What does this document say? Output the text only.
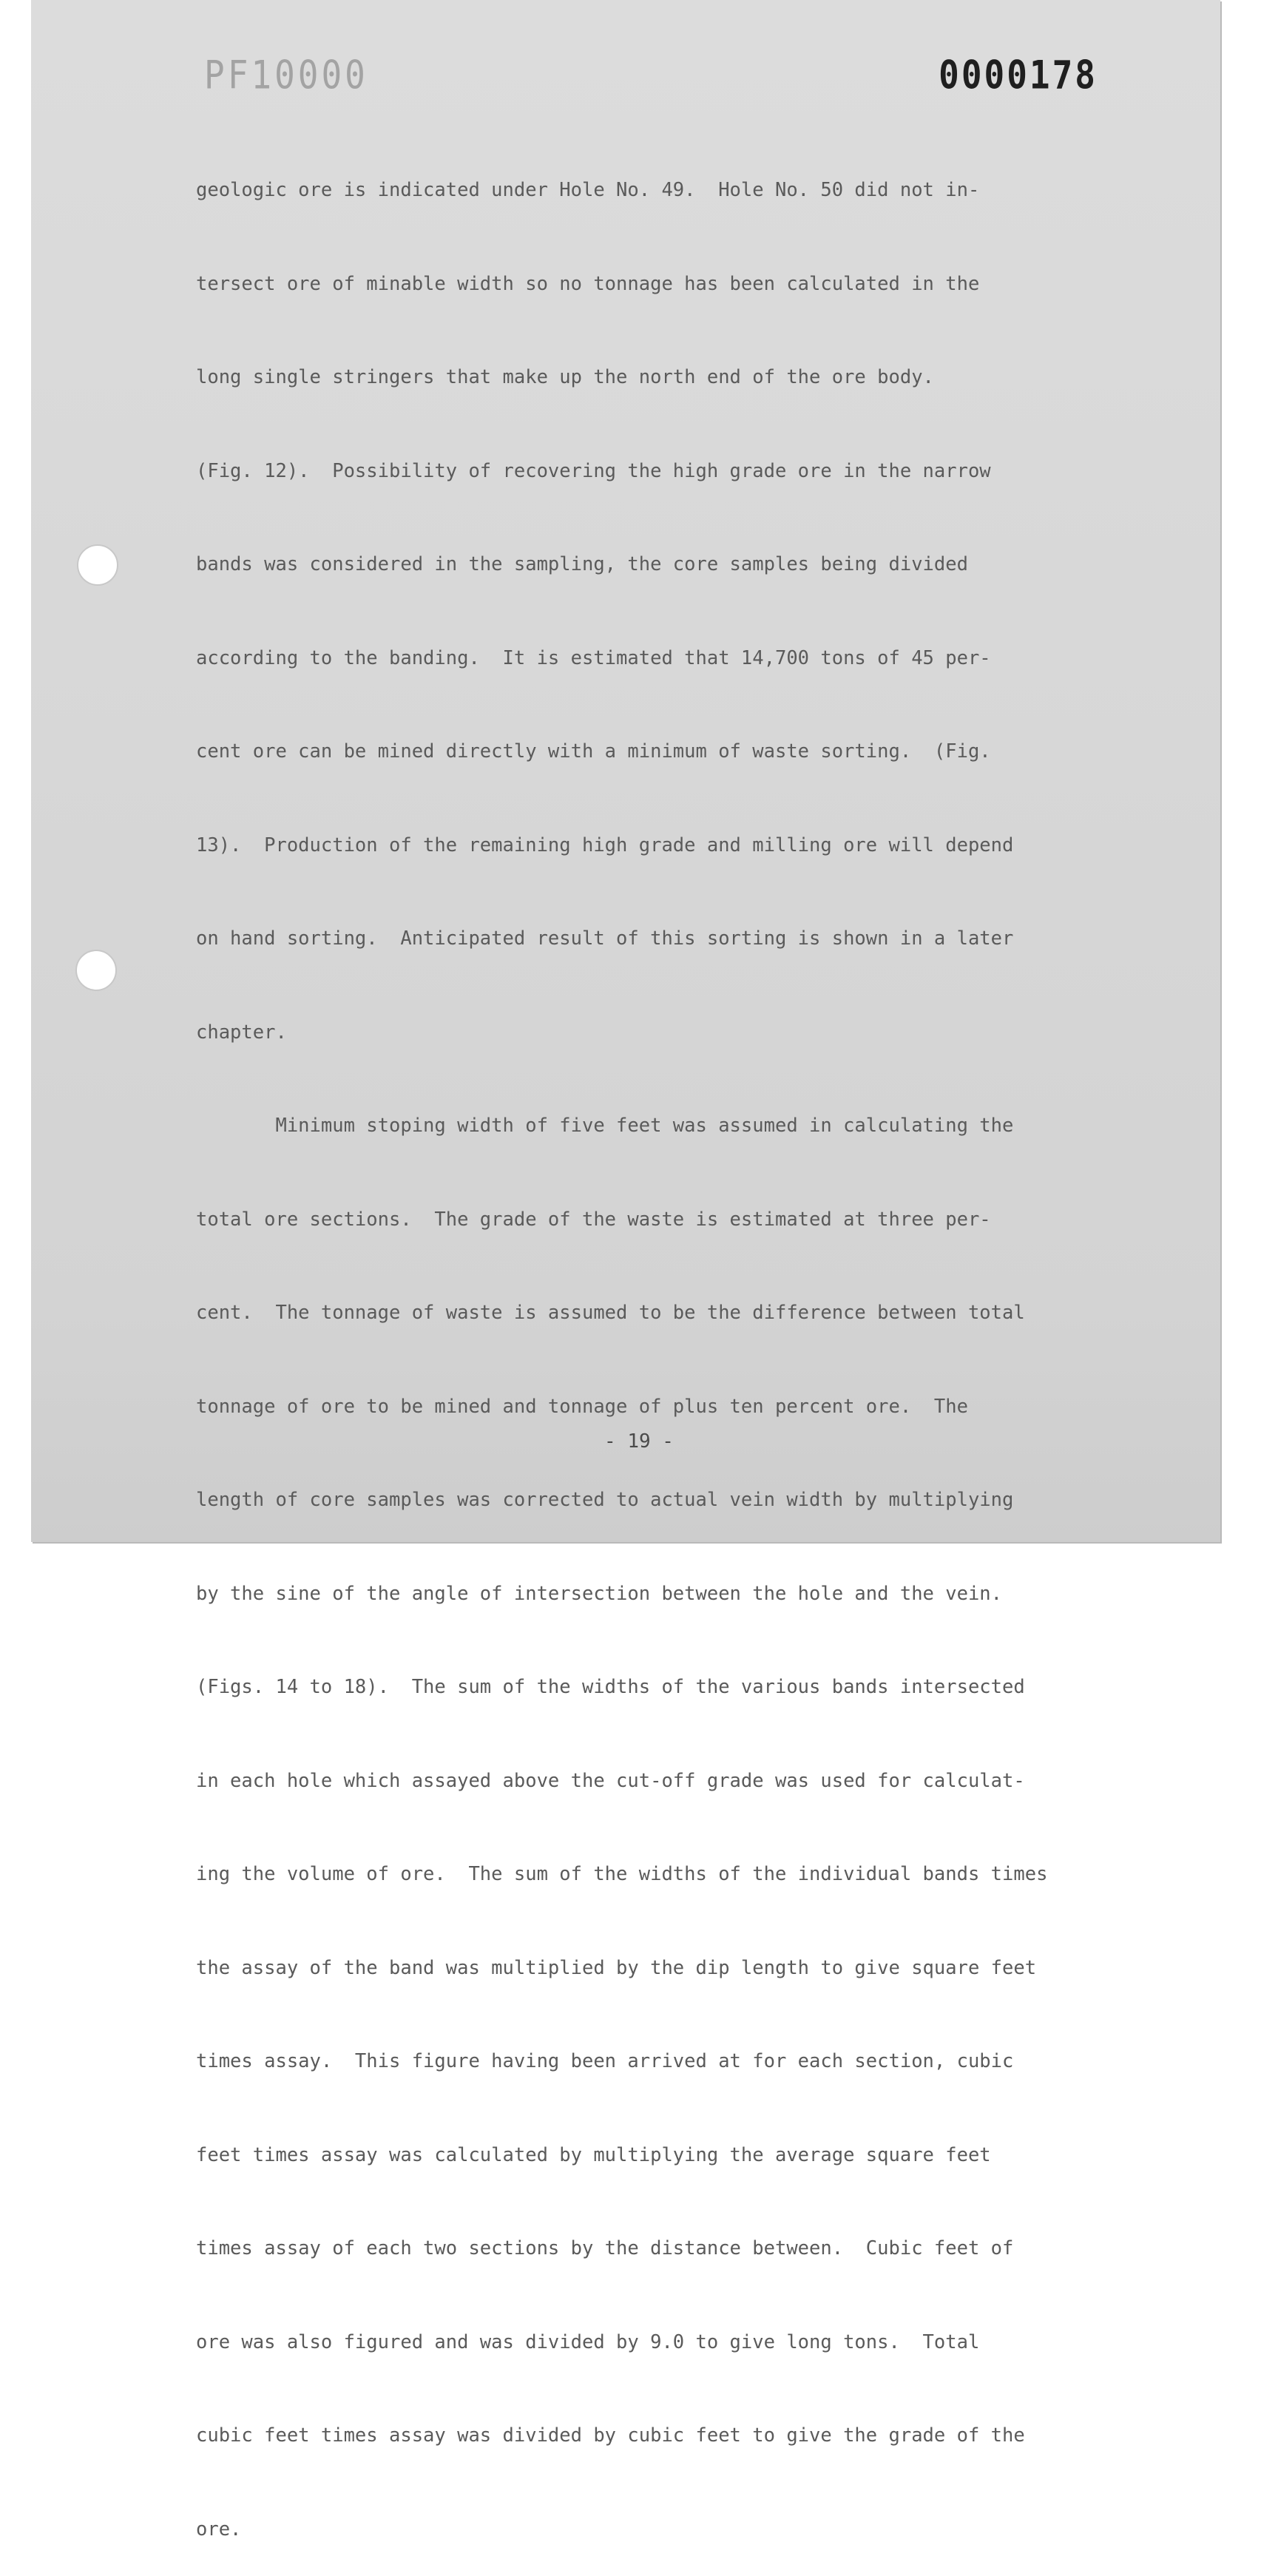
PF10000	0000178

geologic ore is indicated under Hole No. 49.  Hole No. 50 did not in-

tersect ore of minable width so no tonnage has been calculated in the

long single stringers that make up the north end of the ore body.

(Fig. 12).  Possibility of recovering the high grade ore in the narrow

bands was considered in the sampling, the core samples being divided

according to the banding.  It is estimated that 14,700 tons of 45 per-

cent ore can be mined directly with a minimum of waste sorting.  (Fig.

13).  Production of the remaining high grade and milling ore will depend

on hand sorting.  Anticipated result of this sorting is shown in a later

chapter.

Minimum stoping width of five feet was assumed in calculating the

total ore sections.  The grade of the waste is estimated at three per-

cent.  The tonnage of waste is assumed to be the difference between total

tonnage of ore to be mined and tonnage of plus ten percent ore.  The

length of core samples was corrected to actual vein width by multiplying

by the sine of the angle of intersection between the hole and the vein.

(Figs. 14 to 18).  The sum of the widths of the various bands intersected

in each hole which assayed above the cut-off grade was used for calculat-

ing the volume of ore.  The sum of the widths of the individual bands times

the assay of the band was multiplied by the dip length to give square feet

times assay.  This figure having been arrived at for each section, cubic

feet times assay was calculated by multiplying the average square feet

times assay of each two sections by the distance between.  Cubic feet of

ore was also figured and was divided by 9.0 to give long tons.  Total

cubic feet times assay was divided by cubic feet to give the grade of the

ore.

- 19 -
